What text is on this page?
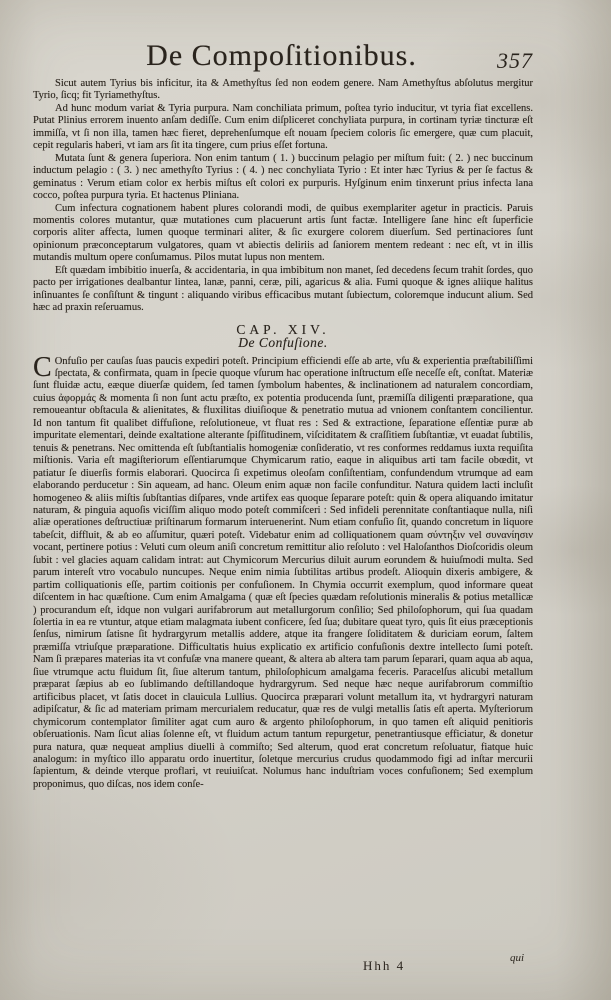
De Compoſitionibus.	357

Sicut autem Tyrius bis inficitur, ita & Amethyſtus ſed non eodem genere. Nam Amethyſtus abſolutus mergitur Tyrio, ſicq; fit Tyriamethyſtus.

Ad hunc modum variat & Tyria purpura. Nam conchiliata primum, poſtea tyrio inducitur, vt tyria fiat excellens. Putat Plinius errorem inuento anſam dediſſe. Cum enim diſpliceret conchyliata purpura, in cortinam tyriæ tincturæ eſt immiſſa, vt ſi non illa, tamen hæc fieret, deprehenſumque eſt nouam ſpeciem coloris ſic emergere, quæ cum placuit, cepit regularis haberi, vt iam ars ſit ita tingere, cum prius eſſet fortuna.

Mutata ſunt & genera ſuperiora. Non enim tantum ( 1. ) buccinum pelagio per miſtum fuit: ( 2. ) nec buccinum inductum pelagio : ( 3. ) nec amethyſto Tyrius : ( 4. ) nec conchyliata Tyrio : Et inter hæc Tyrius & per ſe factus & geminatus : Verum etiam color ex herbis miſtus eſt colori ex purpuris. Hyſginum enim tinxerunt prius infecta lana cocco, poſtea purpura tyria. Et hactenus Pliniana.

Cum infectura cognationem habent plures colorandi modi, de quibus exemplariter agetur in practicis. Paruis momentis colores mutantur, quæ mutationes cum placuerunt artis ſunt factæ. Intelligere ſane hinc eſt ſuperficie corporis aliter affecta, lumen quoque terminari aliter, & ſic exurgere colorem diuerſum. Sed pertinaciores ſunt opinionum præconceptarum vulgatores, quam vt abiectis deliriis ad ſaniorem mentem redeant : nec eſt, vt in illis mutandis multum opere conſumamus. Pilos mutat lupus non mentem.

Eſt quædam imbibitio inuerſa, & accidentaria, in qua imbibitum non manet, ſed decedens ſecum trahit ſordes, quo pacto per irrigationes dealbantur lintea, lanæ, panni, ceræ, pili, agaricus & alia. Fumi quoque & ignes aliique halitus inſinuantes ſe conſiſtunt & tingunt : aliquando viribus efficacibus mutant ſubiectum, coloremque inducunt alium. Sed hæc ad praxin reſeruamus.

CAP. XIV.
De Confuſione.

C Onfuſio per cauſas ſuas paucis expediri poteſt. Principium efficiendi eſſe ab arte, vſu & experientia præſtabiliſſimi ſpectata, & confirmata, quam in ſpecie quoque vſurum hac operatione inſtructum eſſe neceſſe eſt, conſtat. Materiæ ſunt fluidæ actu, eæque diuerſæ quidem, ſed tamen ſymbolum habentes, & inclinationem ad naturalem concordiam, cuius ἀφορμάς & momenta ſi non ſunt actu præſto, ex potentia producenda ſunt, præmiſſa diligenti præparatione, qua remoueantur obſtacula & alienitates, & fluxilitas diuiſioque & penetratio mutua ad vnionem conſtantem concilientur. Id non tantum fit qualibet diffuſione, reſolutioneue, vt fluat res : Sed & extractione, ſeparatione eſſentiæ puræ ab impuritate elementari, deinde exaltatione alterante ſpiſſitudinem, viſciditatem & craſſitiem ſubſtantiæ, vt euadat ſubtilis, tenuis & penetrans. Nec omittenda eſt ſubſtantialis homogeniæ conſideratio, vt res conformes reddamus iuxta requiſita miſtionis. Varia eſt magiſteriorum eſſentiarumque Chymicarum ratio, eaque in aliquibus arti tam facile obœdit, vt patiatur ſe diuerſis formis elaborari. Quocirca ſi expetimus oleoſam conſiſtentiam, confundendum vtrumque ad eam elaborando perducetur : Sin aqueam, ad hanc. Oleum enim aquæ non facile confunditur. Natura quidem lacti incluſit homogeneo & aliis miſtis ſubſtantias diſpares, vnde artifex eas quoque ſeparare poteſt: quin & opera aliquando imitatur naturam, & pinguia aquoſis viciſſim aliquo modo poteſt commiſceri : Sed infideli perennitate conſtantiaque nulla, niſi aliæ operationes deſtructiuæ priſtinarum formarum interuenerint. Num etiam confuſio ſit, quando concretum in liquore tabeſcit, diffluit, & ab eo aſſumitur, quæri poteſt. Videbatur enim ad colliquationem quam σύντηξιν vel συνανίησιν vocant, pertinere potius : Veluti cum oleum aniſi concretum remittitur alio reſoluto : vel Haloſanthos Dioſcoridis oleum ſubit : vel glacies aquam calidam intrat: aut Chymicorum Mercurius diluit aurum eorundem & huiuſmodi multa. Sed parum intereſt vtro vocabulo nuncupes. Neque enim nimia ſubtilitas artibus prodeſt. Alioquin dixeris ambigere, & partim colliquationis eſſe, partim coitionis per confuſionem. In Chymia occurrit exemplum, quod informare queat diſcentem in hac quæſtione. Cum enim Amalgama ( quæ eſt ſpecies quædam reſolutionis mineralis & potius metallicæ ) procurandum eſt, idque non vulgari aurifabrorum aut metallurgorum conſilio; Sed philoſophorum, qui ſua quadam ſolertia in ea re vtuntur, atque etiam malagmata iubent conficere, ſed ſua; dubitare queat tyro, quis ſit eius præceptionis ſenſus, nimirum ſatisne ſit hydrargyrum metallis addere, atque ita frangere ſoliditatem & duriciam eorum, ſaltem præmiſſa vtriuſque præparatione. Difficultatis huius explicatio ex artificio confuſionis dextre intellecto ſumi poteſt. Nam ſi præpares materias ita vt confuſæ vna manere queant, & altera ab altera tam parum ſeparari, quam aqua ab aqua, ſiue vtrumque actu fluidum ſit, ſiue alterum tantum, philoſophicum amalgama feceris. Paracelſus alicubi metallum præparat ſæpius ab eo ſublimando deſtillandoque hydrargyrum. Sed neque hæc neque aurifabrorum commiſtio artificibus placet, vt ſatis docet in clauicula Lullius. Quocirca præparari volunt metallum ita, vt hydrargyri naturam adipiſcatur, & ſic ad materiam primam mercurialem reducatur, quæ res de vulgi metallis ſatis eſt aperta. Myſteriorum chymicorum contemplator ſimiliter agat cum auro & argento philoſophorum, in quo tamen eſt aliquid penitioris obſeruationis. Nam ſicut alias ſolenne eſt, vt fluidum actum tantum repurgetur, penetrantiusque efficiatur, & donetur pura natura, quæ nequeat amplius diuelli à commiſto; Sed alterum, quod erat concretum reſoluatur, fiatque huic analogum: in myſtico illo apparatu ordo inuertitur, ſoletque mercurius crudus quodammodo figi ad inſtar mercurii ſapientum, & deinde vterque proflari, vt reuiuiſcat. Nolumus hanc induſtriam voces confuſionem; Sed exemplum proponimus, quo diſcas, nos idem conſe-

Hhh 4	qui
